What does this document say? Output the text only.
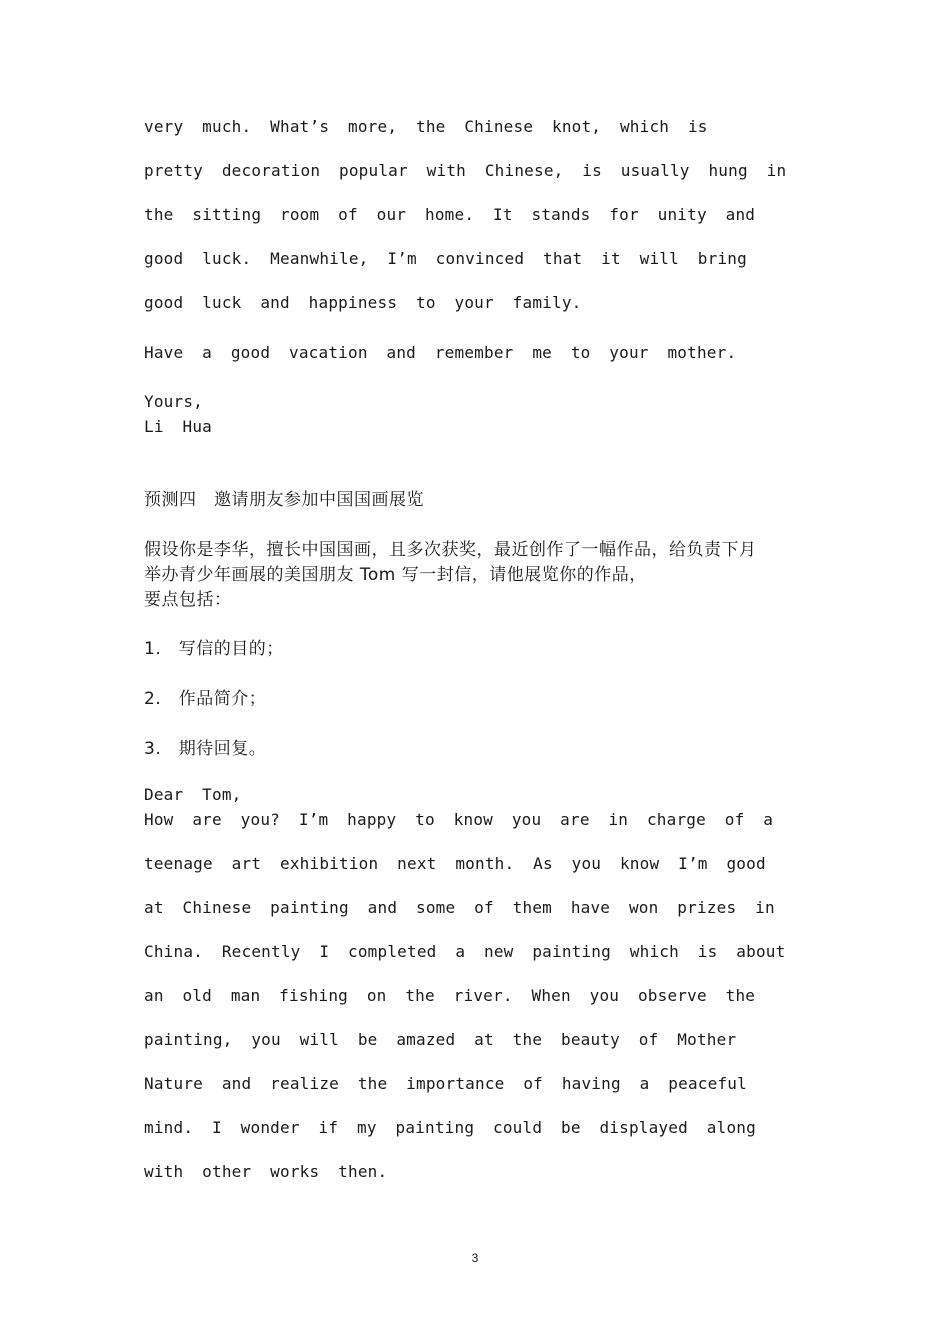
very much. What’s more, the Chinese knot, which is
pretty decoration popular with Chinese, is usually hung in
the sitting room of our home. It stands for unity and
good luck. Meanwhile, I’m convinced that it will bring
good luck and happiness to your family.
Have a good vacation and remember me to your mother.
Yours,
Li Hua
预测四　邀请朋友参加中国国画展览
假设你是李华，擅长中国国画，且多次获奖，最近创作了一幅作品，给负责下月
举办青少年画展的美国朋友 Tom 写一封信，请他展览你的作品，
要点包括：
1.　写信的目的；
2.　作品简介；
3.　期待回复。
Dear Tom,
How are you? I’m happy to know you are in charge of a
teenage art exhibition next month. As you know I’m good
at Chinese painting and some of them have won prizes in
China. Recently I completed a new painting which is about
an old man fishing on the river. When you observe the
painting, you will be amazed at the beauty of Mother
Nature and realize the importance of having a peaceful
mind. I wonder if my painting could be displayed along
with other works then.
3
